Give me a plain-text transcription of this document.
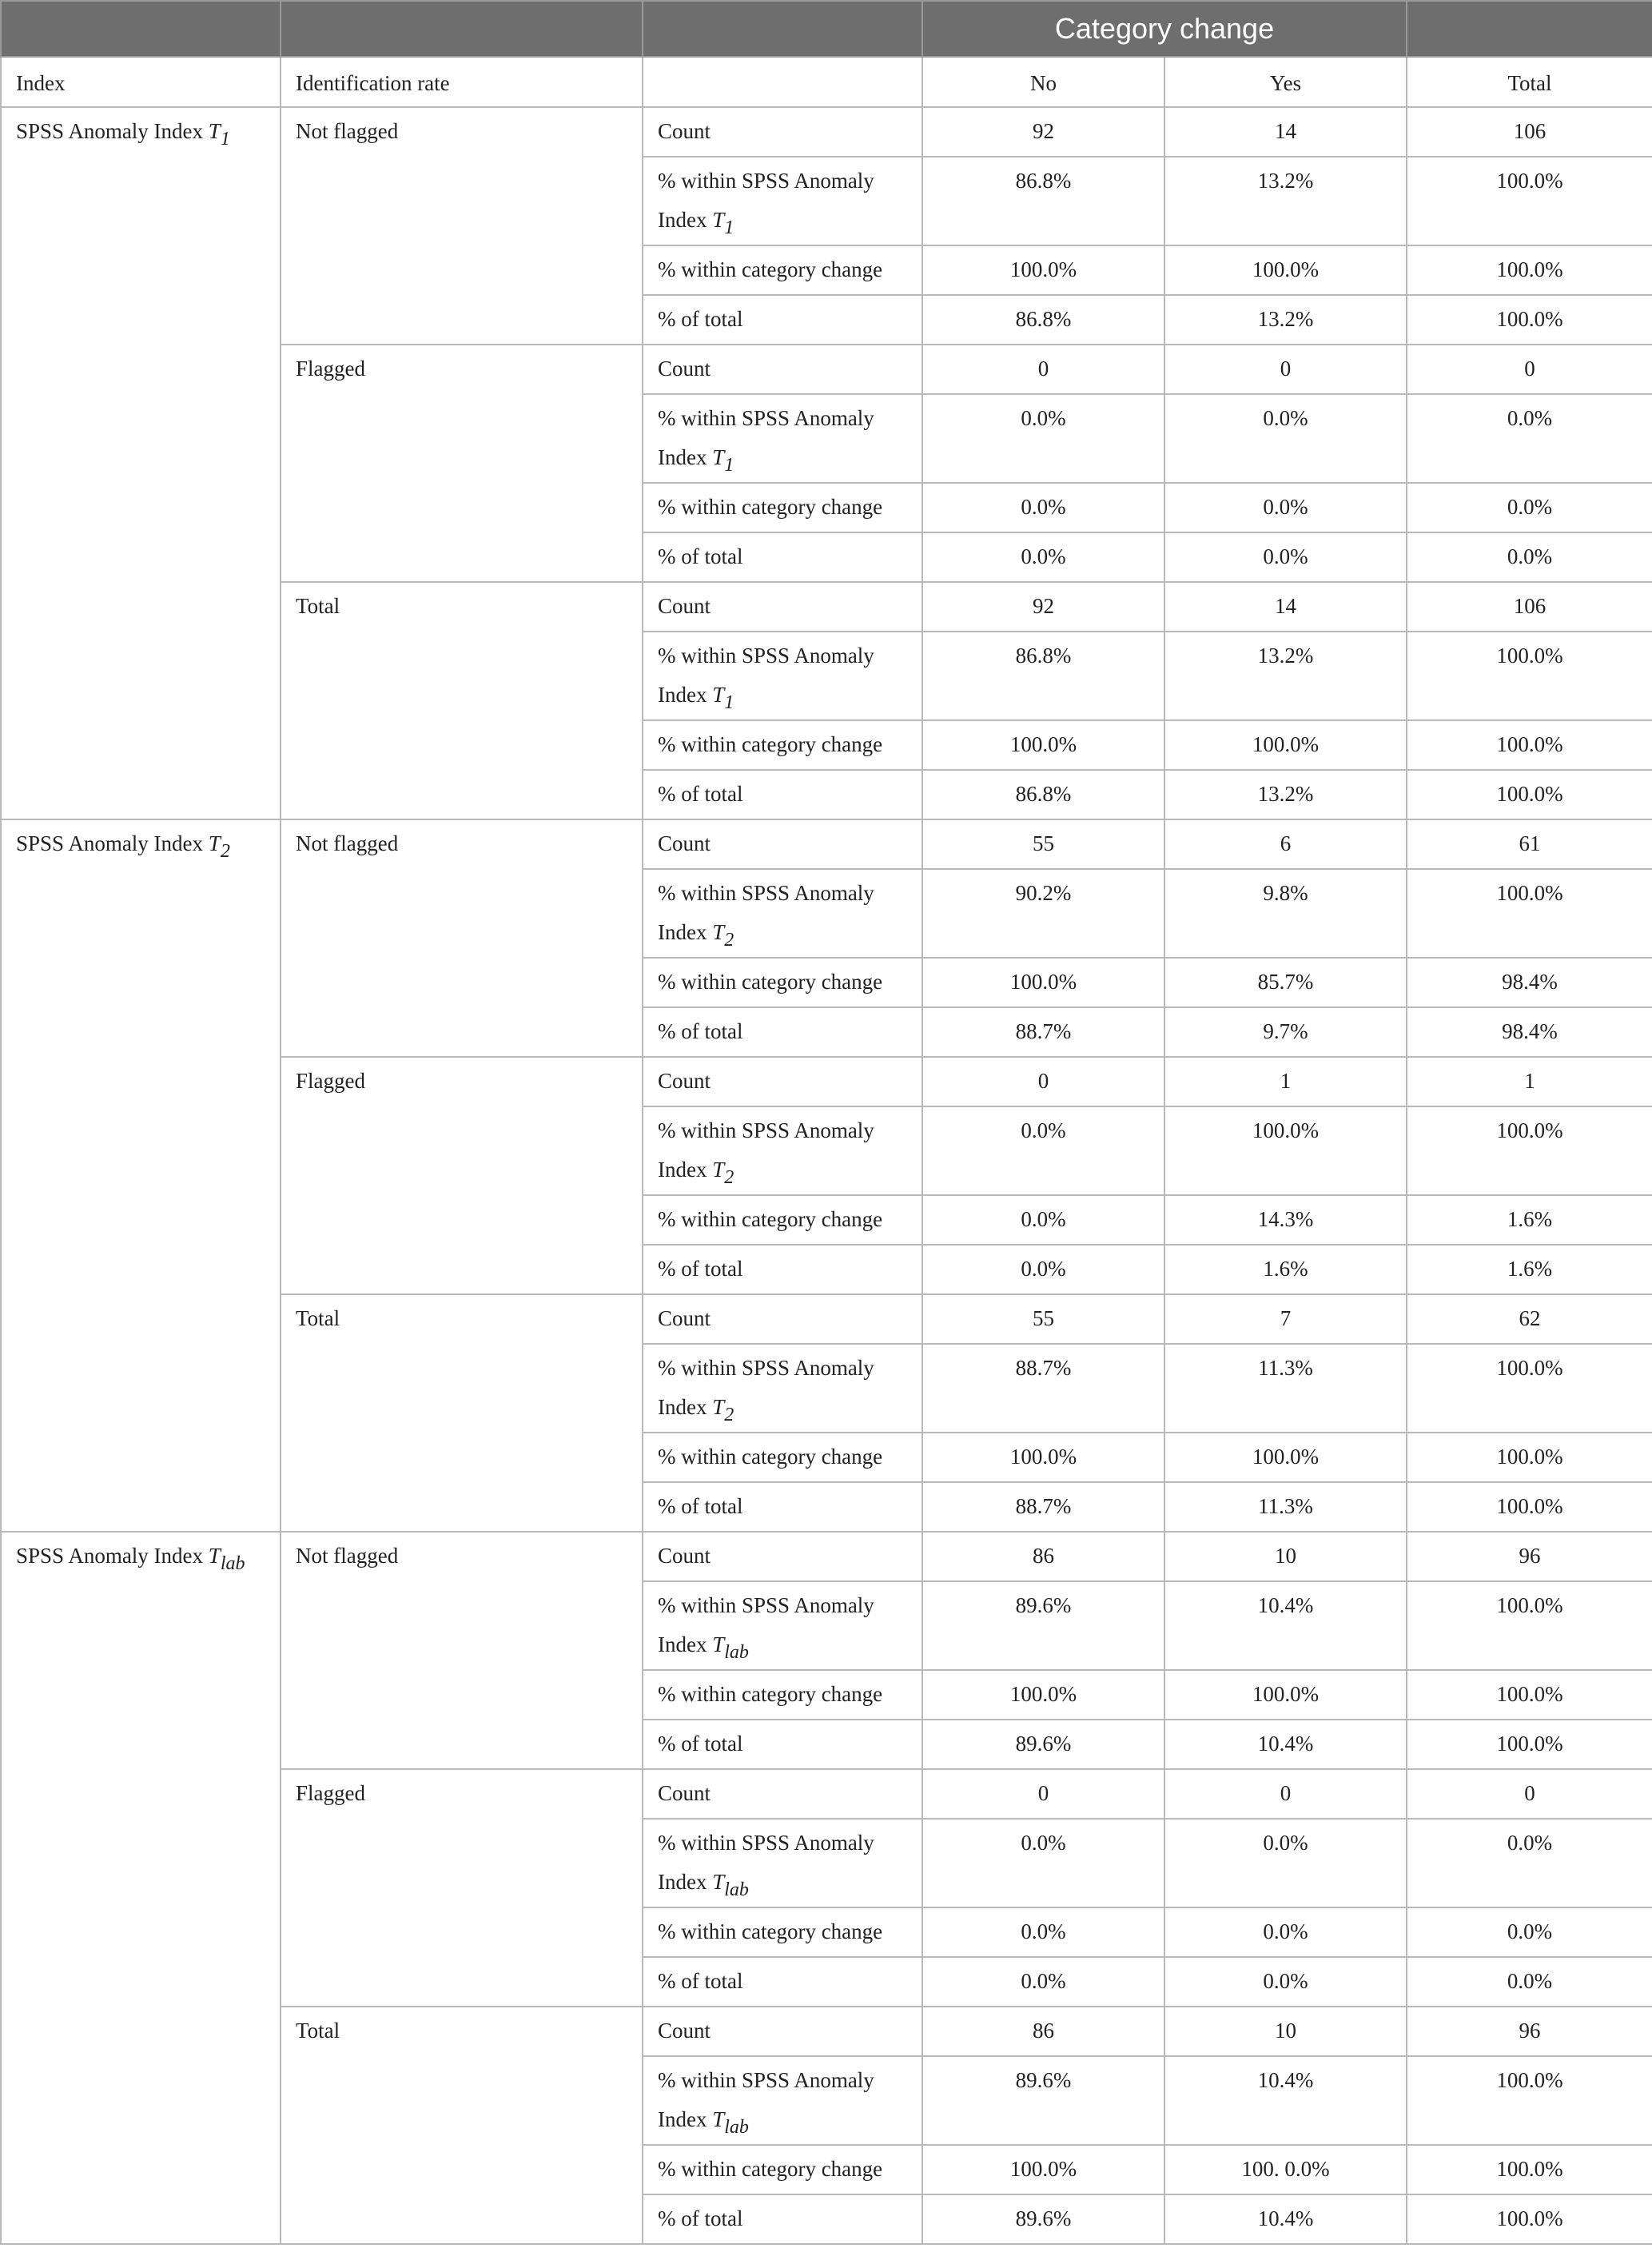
			Category change		
Index	Identification rate		No	Yes	Total
SPSS Anomaly Index $T_1$	Not flagged	Count	92	14	106
		% within SPSS Anomaly Index $T_1$	86.8%	13.2%	100.0%
		% within category change	100.0%	100.0%	100.0%
		% of total	86.8%	13.2%	100.0%
	Flagged	Count	0	0	0
		% within SPSS Anomaly Index $T_1$	0.0%	0.0%	0.0%
		% within category change	0.0%	0.0%	0.0%
		% of total	0.0%	0.0%	0.0%
	Total	Count	92	14	106
		% within SPSS Anomaly Index $T_1$	86.8%	13.2%	100.0%
		% within category change	100.0%	100.0%	100.0%
		% of total	86.8%	13.2%	100.0%
SPSS Anomaly Index $T_2$	Not flagged	Count	55	6	61
		% within SPSS Anomaly Index $T_2$	90.2%	9.8%	100.0%
		% within category change	100.0%	85.7%	98.4%
		% of total	88.7%	9.7%	98.4%
	Flagged	Count	0	1	1
		% within SPSS Anomaly Index $T_2$	0.0%	100.0%	100.0%
		% within category change	0.0%	14.3%	1.6%
		% of total	0.0%	1.6%	1.6%
	Total	Count	55	7	62
		% within SPSS Anomaly Index $T_2$	88.7%	11.3%	100.0%
		% within category change	100.0%	100.0%	100.0%
		% of total	88.7%	11.3%	100.0%
SPSS Anomaly Index $T_{lab}$	Not flagged	Count	86	10	96
		% within SPSS Anomaly Index $T_{lab}$	89.6%	10.4%	100.0%
		% within category change	100.0%	100.0%	100.0%
		% of total	89.6%	10.4%	100.0%
	Flagged	Count	0	0	0
		% within SPSS Anomaly Index $T_{lab}$	0.0%	0.0%	0.0%
		% within category change	0.0%	0.0%	0.0%
		% of total	0.0%	0.0%	0.0%
	Total	Count	86	10	96
		% within SPSS Anomaly Index $T_{lab}$	89.6%	10.4%	100.0%
		% within category change	100.0%	100. 0.0%	100.0%
		% of total	89.6%	10.4%	100.0%
